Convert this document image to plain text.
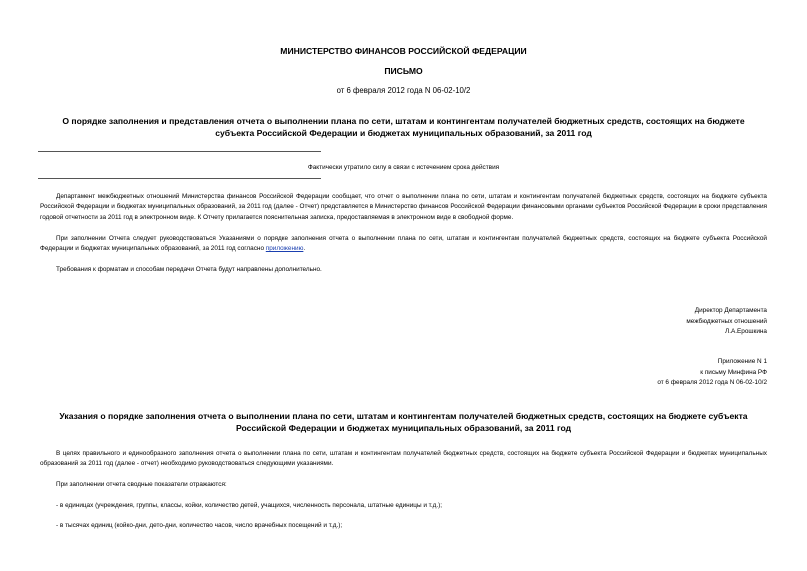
МИНИСТЕРСТВО ФИНАНСОВ РОССИЙСКОЙ ФЕДЕРАЦИИ
ПИСЬМО
от 6 февраля 2012 года N 06-02-10/2
О порядке заполнения и представления отчета о выполнении плана по сети, штатам и контингентам получателей бюджетных средств, состоящих на бюджете
субъекта Российской Федерации и бюджетах муниципальных образований, за 2011 год
Фактически утратило силу в связи с истечением срока действия
Департамент межбюджетных отношений Министерства финансов Российской Федерации сообщает, что отчет о выполнении плана по сети, штатам и контингентам получателей бюджетных средств, состоящих на бюджете субъекта Российской Федерации и бюджетах муниципальных образований, за 2011 год (далее - Отчет) представляется в Министерство финансов Российской Федерации финансовыми органами субъектов Российской Федерации в сроки представления годовой отчетности за 2011 год в электронном виде. К Отчету прилагается пояснительная записка, предоставляемая в электронном виде в свободной форме.
При заполнении Отчета следует руководствоваться Указаниями о порядке заполнения отчета о выполнении плана по сети, штатам и контингентам получателей бюджетных средств, состоящих на бюджете субъекта Российской Федерации и бюджетах муниципальных образований, за 2011 год согласно приложению.
Требования к форматам и способам передачи Отчета будут направлены дополнительно.
Директор Департамента
межбюджетных отношений
Л.А.Ерошкина
Приложение N 1
к письму Минфина РФ
от 6 февраля 2012 года N 06-02-10/2
Указания о порядке заполнения отчета о выполнении плана по сети, штатам и контингентам получателей бюджетных средств, состоящих на бюджете субъекта
Российской Федерации и бюджетах муниципальных образований, за 2011 год
В целях правильного и единообразного заполнения отчета о выполнении плана по сети, штатам и контингентам получателей бюджетных средств, состоящих на бюджете субъекта Российской Федерации и бюджетах муниципальных образований за 2011 год (далее - отчет) необходимо руководствоваться следующими указаниями.
При заполнении отчета сводные показатели отражаются:
- в единицах (учреждения, группы, классы, койки, количество детей, учащихся, численность персонала, штатные единицы и т.д.);
- в тысячах единиц (койко-дни, дето-дни, количество часов, число врачебных посещений и т.д.);
